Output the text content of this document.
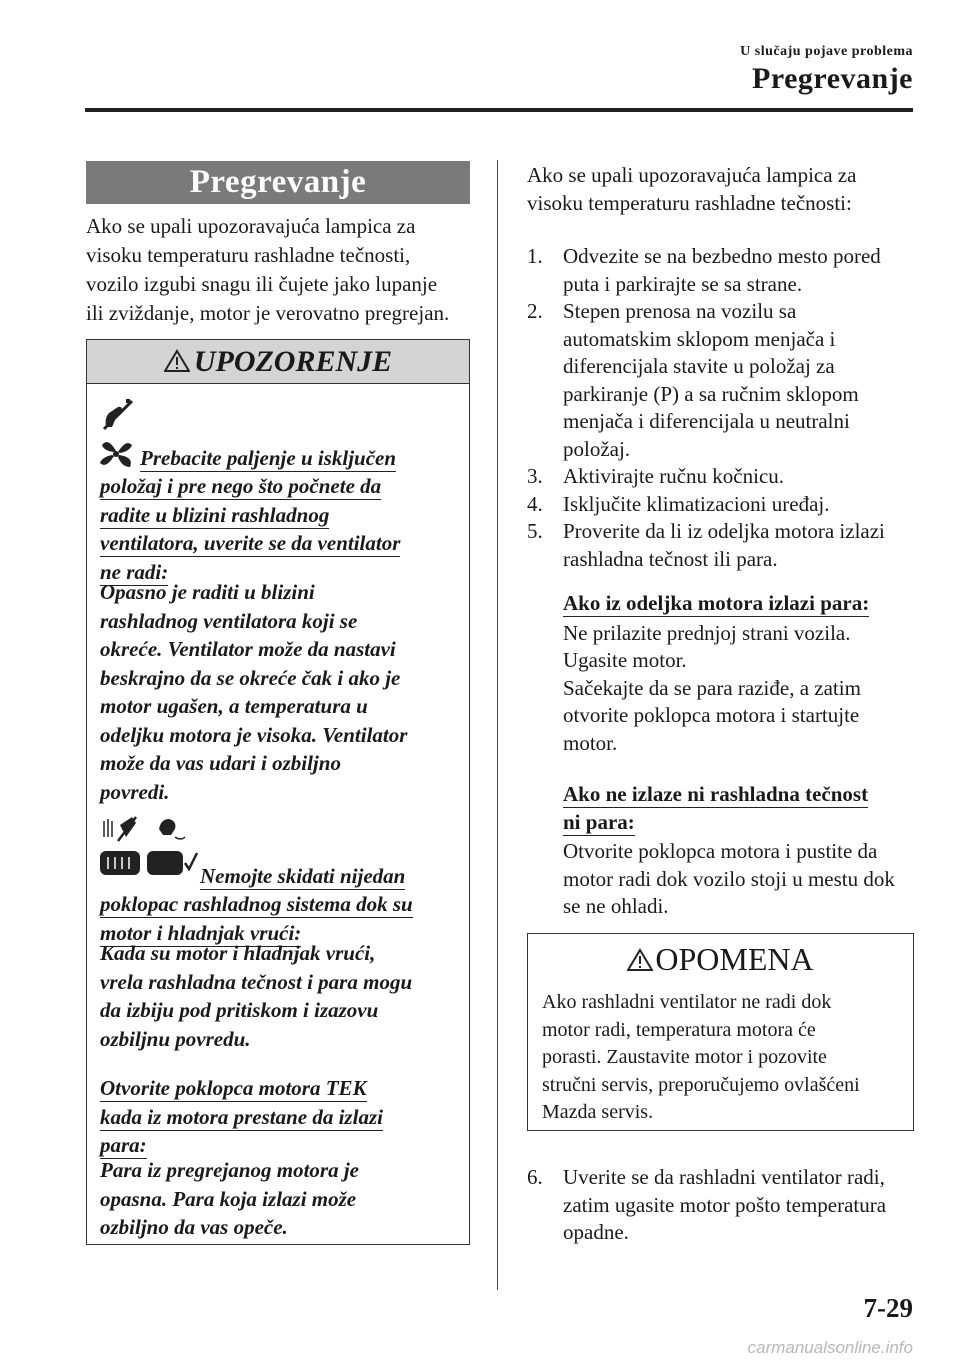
U slučaju pojave problema
Pregrevanje
Pregrevanje

Ako se upali upozoravajuća lampica za

visoku temperaturu rashladne tečnosti,

vozilo izgubi snagu ili čujete jako lupanje

ili zviždanje, motor je verovatno pregrejan.

UPOZORENJE
Prebacite paljenje u isključen
položaj i pre nego što počnete da
radite u blizini rashladnog
ventilatora, uverite se da ventilator
ne radi:
Opasno je raditi u blizini
rashladnog ventilatora koji se
okreće. Ventilator može da nastavi
beskrajno da se okreće čak i ako je
motor ugašen, a temperatura u
odeljku motora je visoka. Ventilator
može da vas udari i ozbiljno
povredi.
Nemojte skidati nijedan
poklopac rashladnog sistema dok su
motor i hladnjak vrući:
Kada su motor i hladnjak vrući,
vrela rashladna tečnost i para mogu
da izbiju pod pritiskom i izazovu
ozbiljnu povredu.
Otvorite poklopca motora TEK
kada iz motora prestane da izlazi
para:
Para iz pregrejanog motora je
opasna. Para koja izlazi može
ozbiljno da vas opeče.

Ako se upali upozoravajuća lampica za

visoku temperaturu rashladne tečnosti:

1. Odvezite se na bezbedno mesto pored
puta i parkirajte se sa strane.
2. Stepen prenosa na vozilu sa
automatskim sklopom menjača i
diferencijala stavite u položaj za
parkiranje (P) a sa ručnim sklopom
menjača i diferencijala u neutralni
položaj.
3. Aktivirajte ručnu kočnicu.
4. Isključite klimatizacioni uređaj.
5. Proverite da li iz odeljka motora izlazi
rashladna tečnost ili para.
Ako iz odeljka motora izlazi para:
Ne prilazite prednjoj strani vozila.
Ugasite motor.
Sačekajte da se para raziđe, a zatim
otvorite poklopca motora i startujte
motor.
Ako ne izlaze ni rashladna tečnost
ni para:
Otvorite poklopca motora i pustite da
motor radi dok vozilo stoji u mestu dok
se ne ohladi.
OPOMENA
Ako rashladni ventilator ne radi dok
motor radi, temperatura motora će
porasti. Zaustavite motor i pozovite
stručni servis, preporučujemo ovlašćeni
Mazda servis.
6. Uverite se da rashladni ventilator radi,
zatim ugasite motor pošto temperatura
opadne.
7-29
carmanualsonline.info
